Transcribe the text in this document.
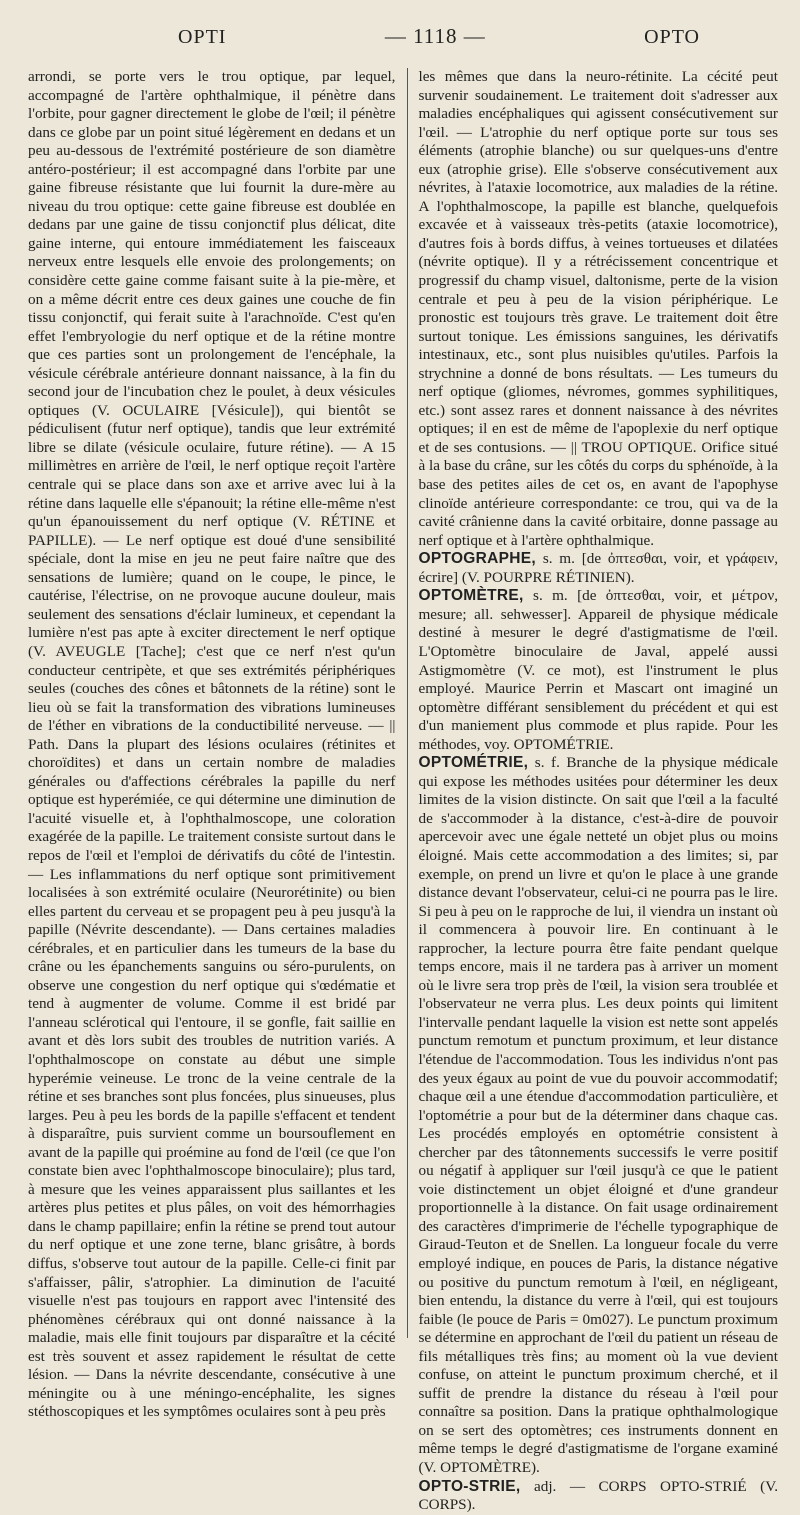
OPTI	— 1118 —	OPTO

arrondi, se porte vers le trou optique, par lequel, accompagné de l'artère ophthalmique, il pénètre dans l'orbite, pour gagner directement le globe de l'œil; il pénètre dans ce globe par un point situé légèrement en dedans et un peu au-dessous de l'extrémité postérieure de son diamètre antéro-postérieur; il est accompagné dans l'orbite par une gaine fibreuse résistante que lui fournit la dure-mère au niveau du trou optique: cette gaine fibreuse est doublée en dedans par une gaine de tissu conjonctif plus délicat, dite gaine interne, qui entoure immédiatement les faisceaux nerveux entre lesquels elle envoie des prolongements; on considère cette gaine comme faisant suite à la pie-mère, et on a même décrit entre ces deux gaines une couche de fin tissu conjonctif, qui ferait suite à l'arachnoïde. C'est qu'en effet l'embryologie du nerf optique et de la rétine montre que ces parties sont un prolongement de l'encéphale, la vésicule cérébrale antérieure donnant naissance, à la fin du second jour de l'incubation chez le poulet, à deux vésicules optiques (V. OCULAIRE [Vésicule]), qui bientôt se pédiculisent (futur nerf optique), tandis que leur extrémité libre se dilate (vésicule oculaire, future rétine). — A 15 millimètres en arrière de l'œil, le nerf optique reçoit l'artère centrale qui se place dans son axe et arrive avec lui à la rétine dans laquelle elle s'épanouit; la rétine elle-même n'est qu'un épanouissement du nerf optique (V. RÉTINE et PAPILLE). — Le nerf optique est doué d'une sensibilité spéciale, dont la mise en jeu ne peut faire naître que des sensations de lumière; quand on le coupe, le pince, le cautérise, l'électrise, on ne provoque aucune douleur, mais seulement des sensations d'éclair lumineux, et cependant la lumière n'est pas apte à exciter directement le nerf optique (V. AVEUGLE [Tache]; c'est que ce nerf n'est qu'un conducteur centripète, et que ses extrémités périphériques seules (couches des cônes et bâtonnets de la rétine) sont le lieu où se fait la transformation des vibrations lumineuses de l'éther en vibrations de la conductibilité nerveuse. — || Path. Dans la plupart des lésions oculaires (rétinites et choroïdites) et dans un certain nombre de maladies générales ou d'affections cérébrales la papille du nerf optique est hyperémiée, ce qui détermine une diminution de l'acuité visuelle et, à l'ophthalmoscope, une coloration exagérée de la papille. Le traitement consiste surtout dans le repos de l'œil et l'emploi de dérivatifs du côté de l'intestin. — Les inflammations du nerf optique sont primitivement localisées à son extrémité oculaire (Neurorétinite) ou bien elles partent du cerveau et se propagent peu à peu jusqu'à la papille (Névrite descendante). — Dans certaines maladies cérébrales, et en particulier dans les tumeurs de la base du crâne ou les épanchements sanguins ou séro-purulents, on observe une congestion du nerf optique qui s'œdématie et tend à augmenter de volume. Comme il est bridé par l'anneau sclérotical qui l'entoure, il se gonfle, fait saillie en avant et dès lors subit des troubles de nutrition variés. A l'ophthalmoscope on constate au début une simple hyperémie veineuse. Le tronc de la veine centrale de la rétine et ses branches sont plus foncées, plus sinueuses, plus larges. Peu à peu les bords de la papille s'effacent et tendent à disparaître, puis survient comme un boursouflement en avant de la papille qui proémine au fond de l'œil (ce que l'on constate bien avec l'ophthalmoscope binoculaire); plus tard, à mesure que les veines apparaissent plus saillantes et les artères plus petites et plus pâles, on voit des hémorrhagies dans le champ papillaire; enfin la rétine se prend tout autour du nerf optique et une zone terne, blanc grisâtre, à bords diffus, s'observe tout autour de la papille. Celle-ci finit par s'affaisser, pâlir, s'atrophier. La diminution de l'acuité visuelle n'est pas toujours en rapport avec l'intensité des phénomènes cérébraux qui ont donné naissance à la maladie, mais elle finit toujours par disparaître et la cécité est très souvent et assez rapidement le résultat de cette lésion. — Dans la névrite descendante, consécutive à une méningite ou à une méningo-encéphalite, les signes stéthoscopiques et les symptômes oculaires sont à peu près

les mêmes que dans la neuro-rétinite. La cécité peut survenir soudainement. Le traitement doit s'adresser aux maladies encéphaliques qui agissent consécutivement sur l'œil. — L'atrophie du nerf optique porte sur tous ses éléments (atrophie blanche) ou sur quelques-uns d'entre eux (atrophie grise). Elle s'observe consécutivement aux névrites, à l'ataxie locomotrice, aux maladies de la rétine. A l'ophthalmoscope, la papille est blanche, quelquefois excavée et à vaisseaux très-petits (ataxie locomotrice), d'autres fois à bords diffus, à veines tortueuses et dilatées (névrite optique). Il y a rétrécissement concentrique et progressif du champ visuel, daltonisme, perte de la vision centrale et peu à peu de la vision périphérique. Le pronostic est toujours très grave. Le traitement doit être surtout tonique. Les émissions sanguines, les dérivatifs intestinaux, etc., sont plus nuisibles qu'utiles. Parfois la strychnine a donné de bons résultats. — Les tumeurs du nerf optique (gliomes, névromes, gommes syphilitiques, etc.) sont assez rares et donnent naissance à des névrites optiques; il en est de même de l'apoplexie du nerf optique et de ses contusions. — || TROU OPTIQUE. Orifice situé à la base du crâne, sur les côtés du corps du sphénoïde, à la base des petites ailes de cet os, en avant de l'apophyse clinoïde antérieure correspondante: ce trou, qui va de la cavité crânienne dans la cavité orbitaire, donne passage au nerf optique et à l'artère ophthalmique.

OPTOGRAPHE, s. m. [de ὀπτεσθαι, voir, et γράφειν, écrire] (V. POURPRE RÉTINIEN).

OPTOMÈTRE, s. m. [de ὀπτεσθαι, voir, et μέτρον, mesure; all. sehwesser]. Appareil de physique médicale destiné à mesurer le degré d'astigmatisme de l'œil. L'Optomètre binoculaire de Javal, appelé aussi Astigmomètre (V. ce mot), est l'instrument le plus employé. Maurice Perrin et Mascart ont imaginé un optomètre différant sensiblement du précédent et qui est d'un maniement plus commode et plus rapide. Pour les méthodes, voy. OPTOMÉTRIE.

OPTOMÉTRIE, s. f. Branche de la physique médicale qui expose les méthodes usitées pour déterminer les deux limites de la vision distincte. On sait que l'œil a la faculté de s'accommoder à la distance, c'est-à-dire de pouvoir apercevoir avec une égale netteté un objet plus ou moins éloigné. Mais cette accommodation a des limites; si, par exemple, on prend un livre et qu'on le place à une grande distance devant l'observateur, celui-ci ne pourra pas le lire. Si peu à peu on le rapproche de lui, il viendra un instant où il commencera à pouvoir lire. En continuant à le rapprocher, la lecture pourra être faite pendant quelque temps encore, mais il ne tardera pas à arriver un moment où le livre sera trop près de l'œil, la vision sera troublée et l'observateur ne verra plus. Les deux points qui limitent l'intervalle pendant laquelle la vision est nette sont appelés punctum remotum et punctum proximum, et leur distance l'étendue de l'accommodation. Tous les individus n'ont pas des yeux égaux au point de vue du pouvoir accommodatif; chaque œil a une étendue d'accommodation particulière, et l'optométrie a pour but de la déterminer dans chaque cas. Les procédés employés en optométrie consistent à chercher par des tâtonnements successifs le verre positif ou négatif à appliquer sur l'œil jusqu'à ce que le patient voie distinctement un objet éloigné et d'une grandeur proportionnelle à la distance. On fait usage ordinairement des caractères d'imprimerie de l'échelle typographique de Giraud-Teuton et de Snellen. La longueur focale du verre employé indique, en pouces de Paris, la distance négative ou positive du punctum remotum à l'œil, en négligeant, bien entendu, la distance du verre à l'œil, qui est toujours faible (le pouce de Paris = 0m027). Le punctum proximum se détermine en approchant de l'œil du patient un réseau de fils métalliques très fins; au moment où la vue devient confuse, on atteint le punctum proximum cherché, et il suffit de prendre la distance du réseau à l'œil pour connaître sa position. Dans la pratique ophthalmologique on se sert des optomètres; ces instruments donnent en même temps le degré d'astigmatisme de l'organe examiné (V. OPTOMÈTRE).

OPTO-STRIE, adj. — CORPS OPTO-STRIÉ (V. CORPS).
